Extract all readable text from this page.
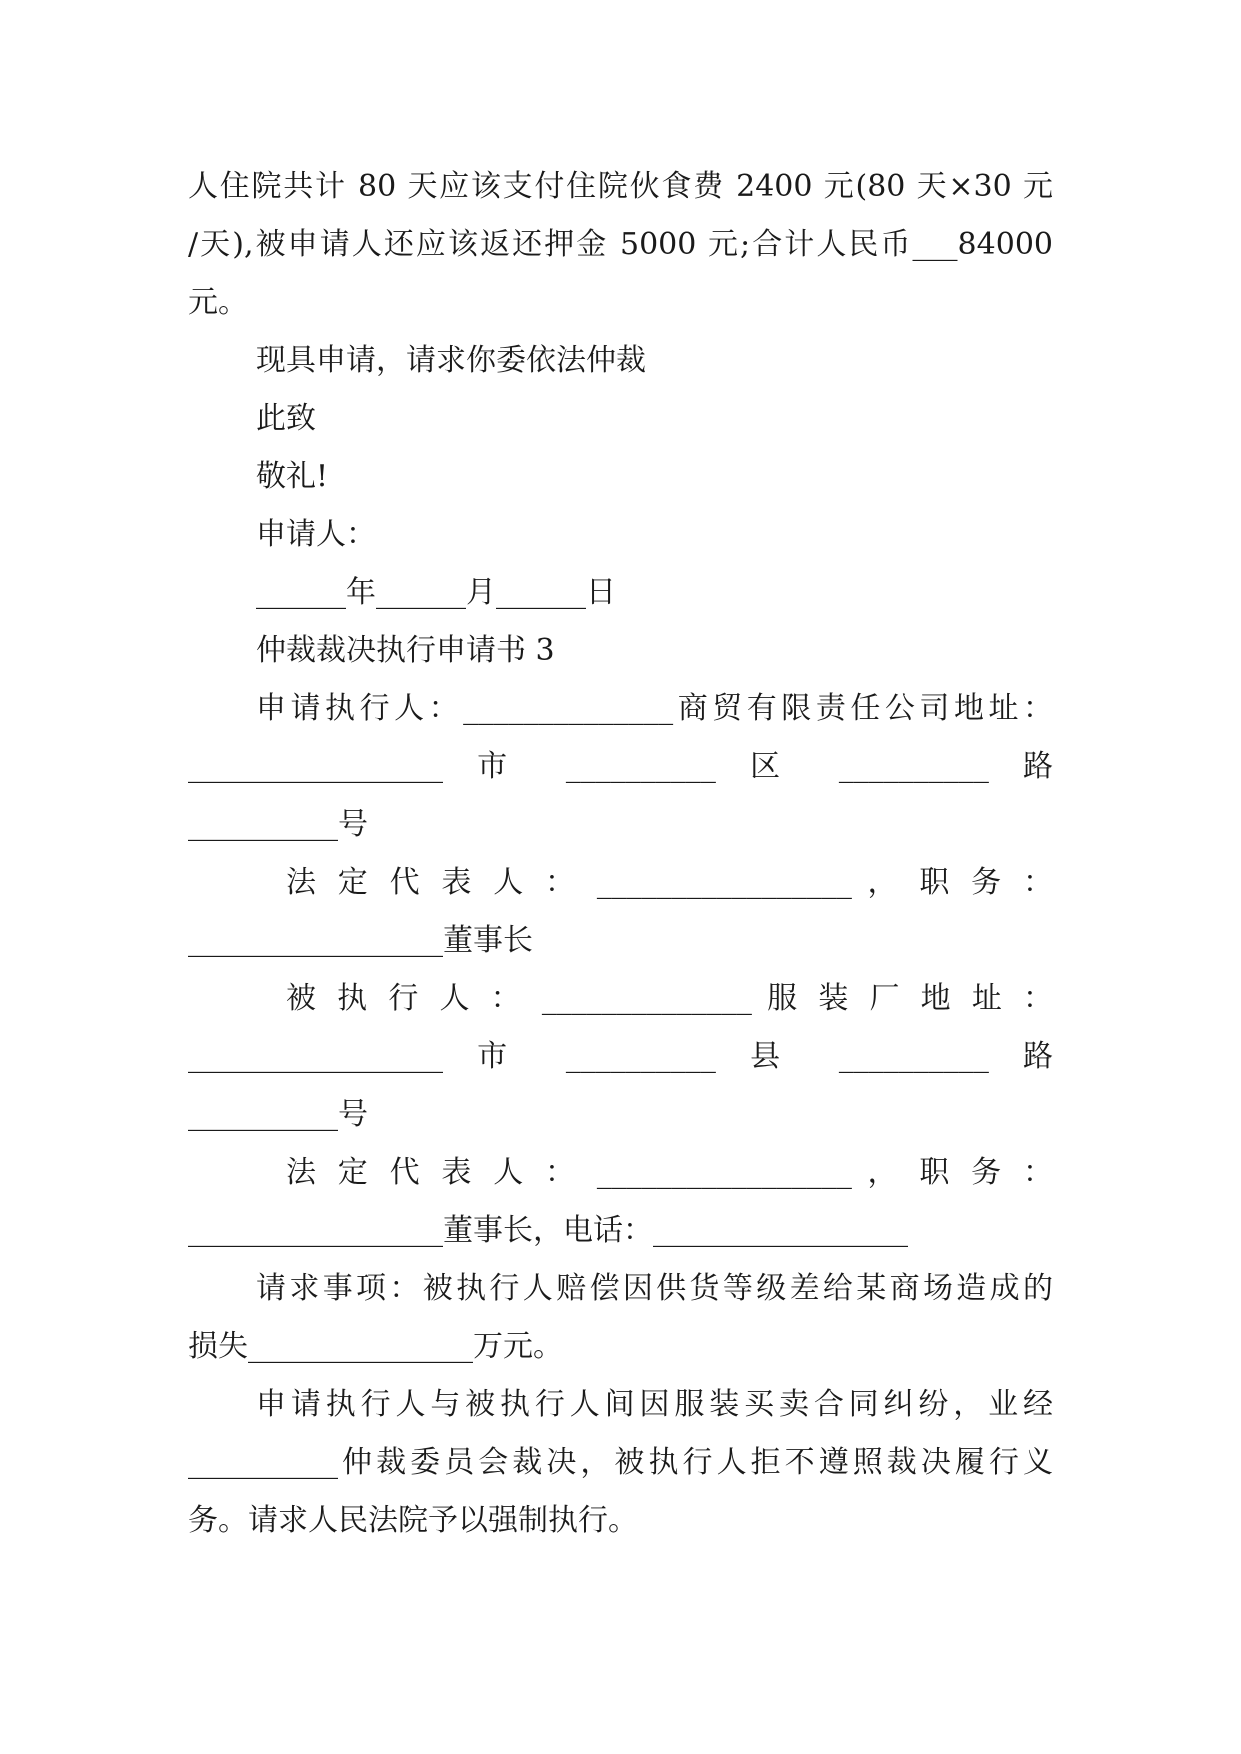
人住院共计 80 天应该支付住院伙食费 2400 元(80 天×30 元

/天),被申请人还应该返还押金 5000 元;合计人民币___84000

元。

现具申请，请求你委依法仲裁

此致

敬礼!

申请人：

______年______月______日

仲裁裁决执行申请书 3

申请执行人：______________商贸有限责任公司地址：

_________________ 市 __________ 区 __________ 路

__________号

法 定 代 表 人 ： _________________ ， 职 务 ：

_________________董事长

被 执 行 人 ： ______________ 服 装 厂 地 址 ：

_________________ 市 __________ 县 __________ 路

__________号

法 定 代 表 人 ： _________________ ， 职 务 ：

_________________董事长，电话：_________________

请求事项：被执行人赔偿因供货等级差给某商场造成的

损失_______________万元。

申请执行人与被执行人间因服装买卖合同纠纷，业经

__________仲裁委员会裁决，被执行人拒不遵照裁决履行义

务。请求人民法院予以强制执行。
